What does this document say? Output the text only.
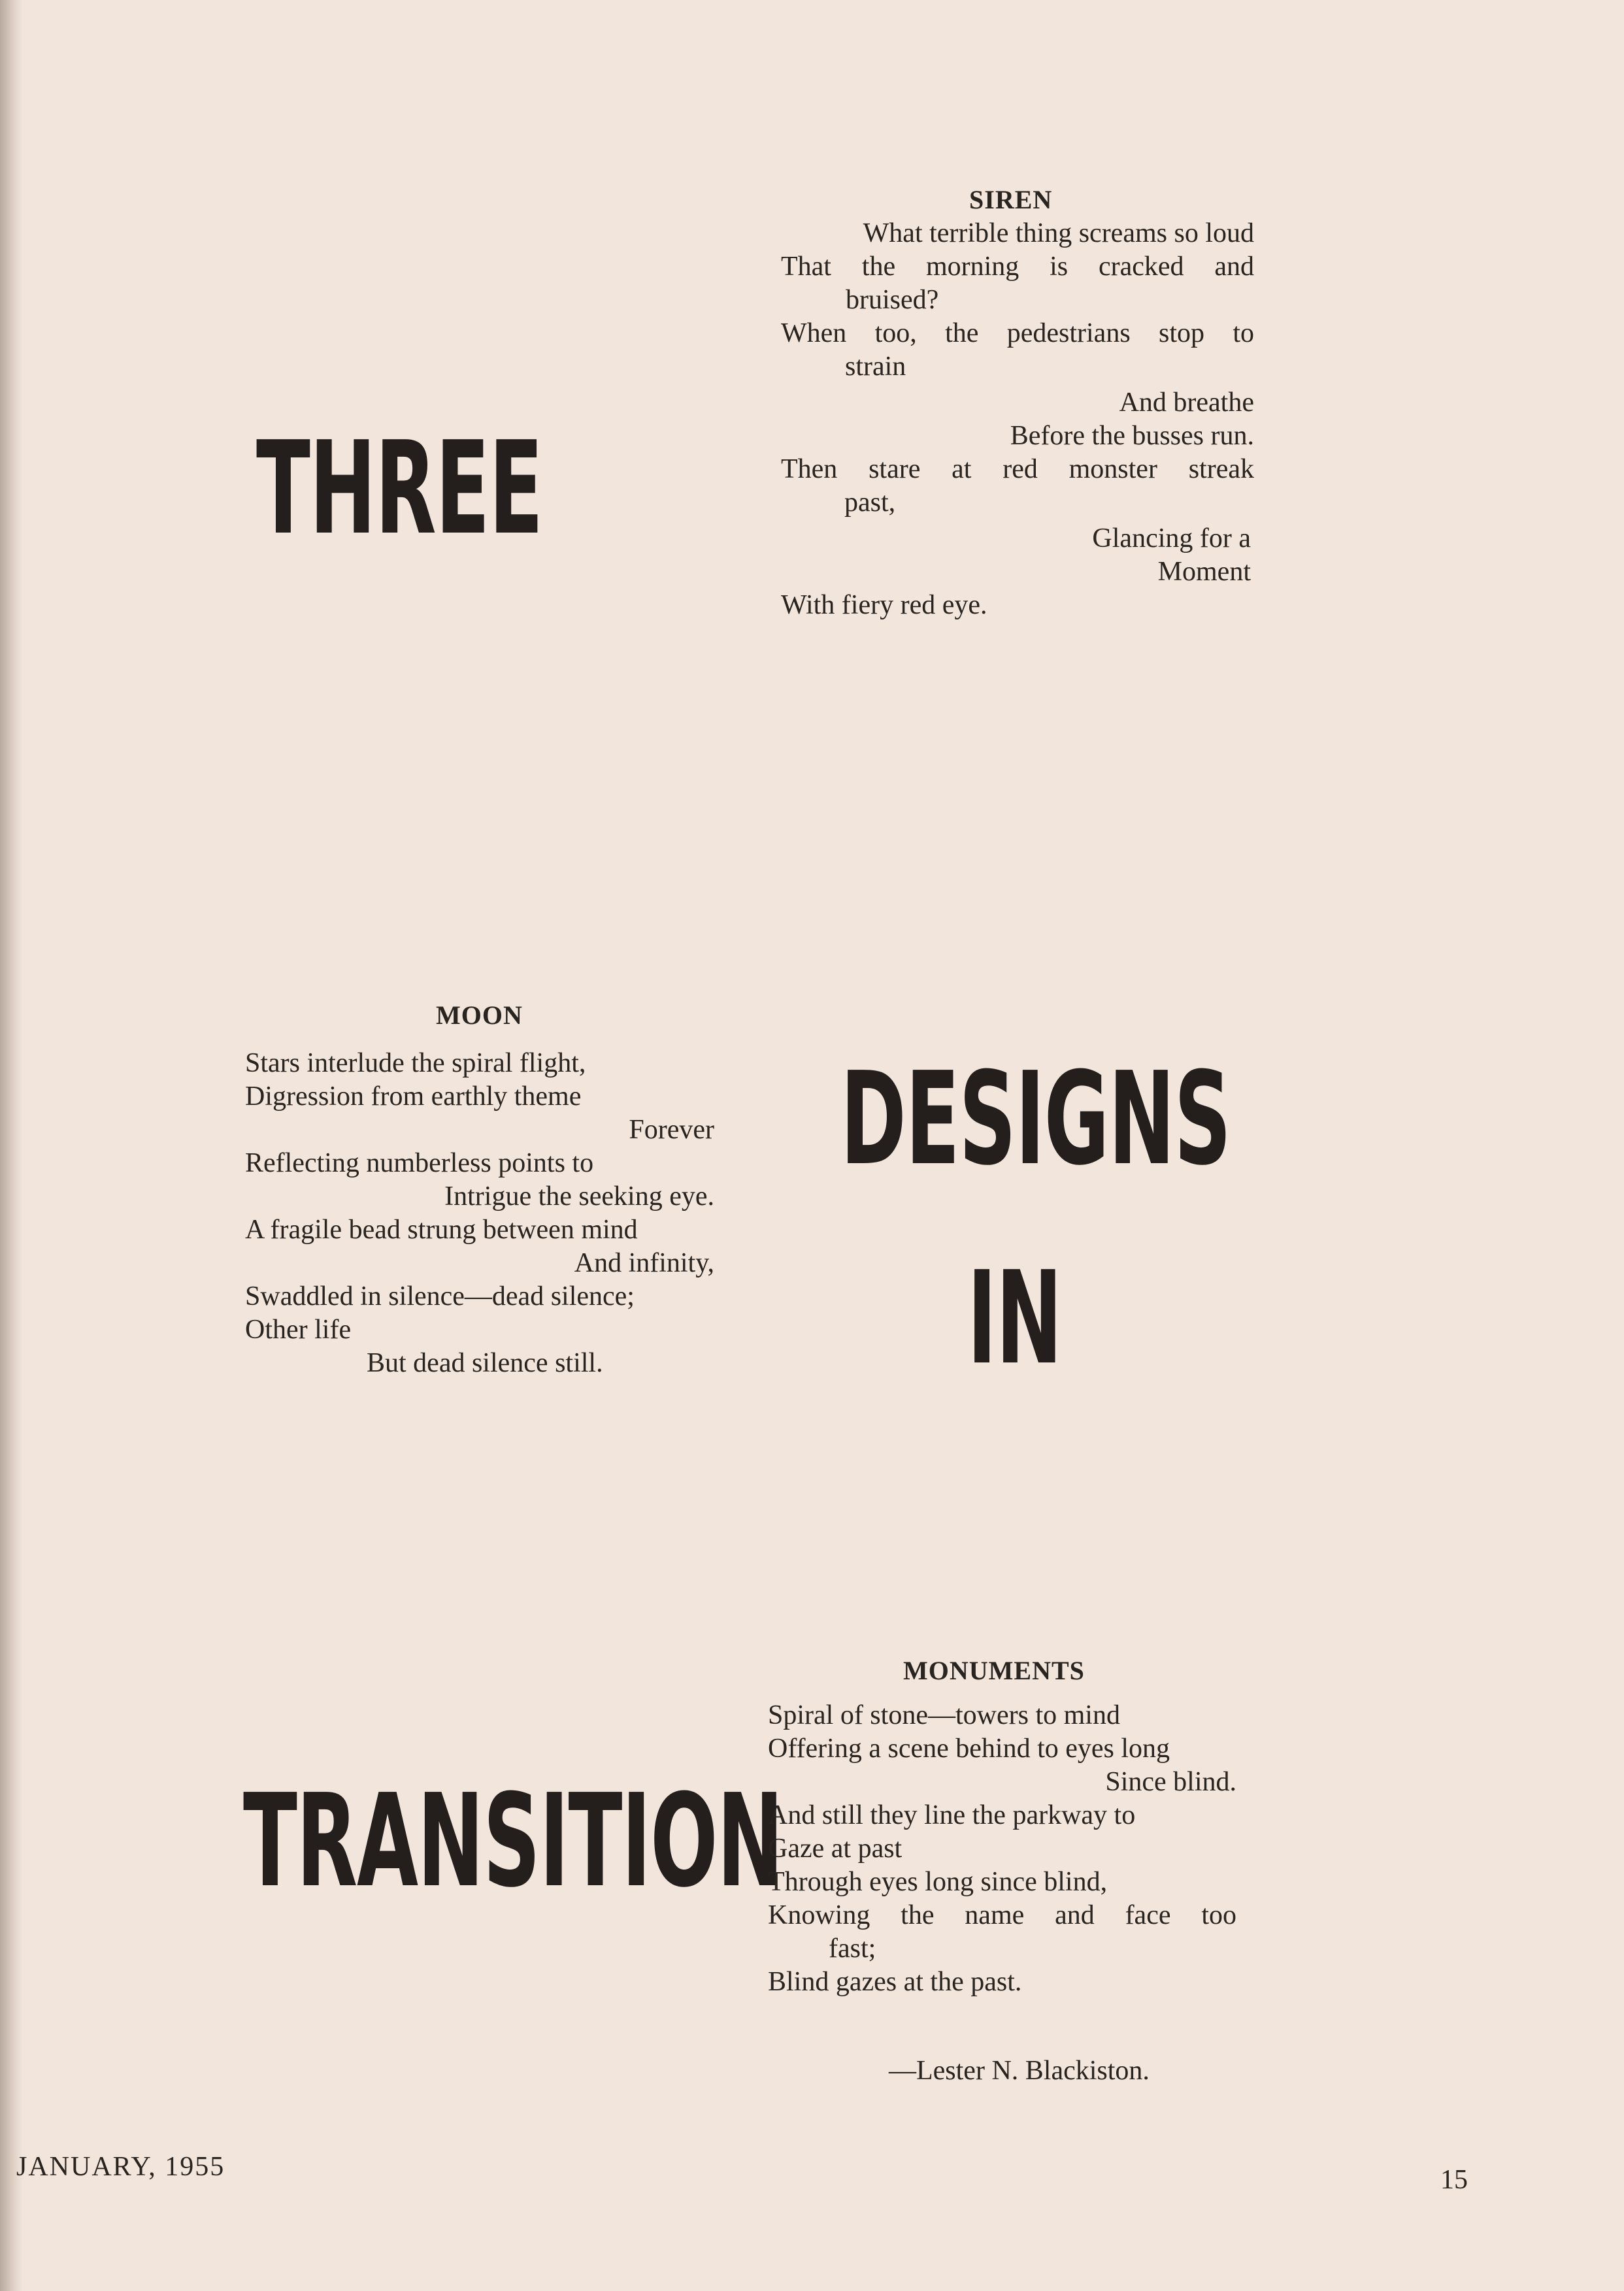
THREE
DESIGNS
IN
TRANSITION
SIREN
What terrible thing screams so loud
That the morning is cracked and
bruised?
When too, the pedestrians stop to
strain
And breathe
Before the busses run.
Then stare at red monster streak
past,
Glancing for a
Moment
With fiery red eye.
MOON
Stars interlude the spiral flight,
Digression from earthly theme
Forever
Reflecting numberless points to
Intrigue the seeking eye.
A fragile bead strung between mind
And infinity,
Swaddled in silence—dead silence;
Other life
But dead silence still.
MONUMENTS
Spiral of stone—towers to mind
Offering a scene behind to eyes long
Since blind.
And still they line the parkway to
Gaze at past
Through eyes long since blind,
Knowing the name and face too
fast;
Blind gazes at the past.
—Lester N. Blackiston.
JANUARY, 1955	15
